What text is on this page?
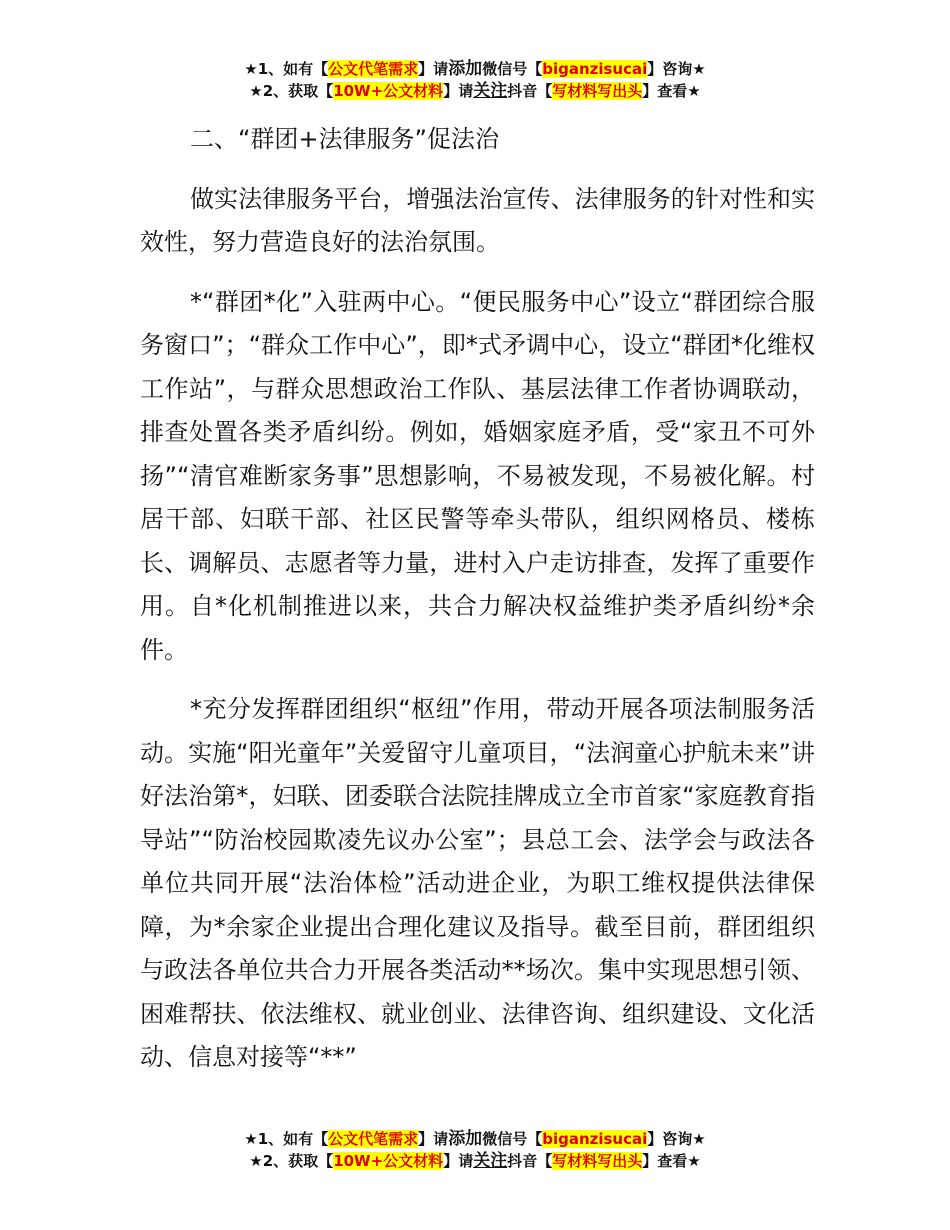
★1、如有【公文代笔需求】请添加微信号【biganzisucai】咨询★
★2、获取【10W+公文材料】请关注抖音【写材料写出头】查看★

二、“群团+法律服务”促法治

做实法律服务平台，增强法治宣传、法律服务的针对性和实效性，努力营造良好的法治氛围。

*“群团*化”入驻两中心。“便民服务中心”设立“群团综合服务窗口”；“群众工作中心”，即*式矛调中心，设立“群团*化维权工作站”，与群众思想政治工作队、基层法律工作者协调联动，排查处置各类矛盾纠纷。例如，婚姻家庭矛盾，受“家丑不可外扬”“清官难断家务事”思想影响，不易被发现，不易被化解。村居干部、妇联干部、社区民警等牵头带队，组织网格员、楼栋长、调解员、志愿者等力量，进村入户走访排查，发挥了重要作用。自*化机制推进以来，共合力解决权益维护类矛盾纠纷*余件。

*充分发挥群团组织“枢纽”作用，带动开展各项法制服务活动。实施“阳光童年”关爱留守儿童项目，“法润童心护航未来”讲好法治第*，妇联、团委联合法院挂牌成立全市首家“家庭教育指导站”“防治校园欺凌先议办公室”；县总工会、法学会与政法各单位共同开展“法治体检”活动进企业，为职工维权提供法律保障，为*余家企业提出合理化建议及指导。截至目前，群团组织与政法各单位共合力开展各类活动**场次。集中实现思想引领、困难帮扶、依法维权、就业创业、法律咨询、组织建设、文化活动、信息对接等“**”

★1、如有【公文代笔需求】请添加微信号【biganzisucai】咨询★
★2、获取【10W+公文材料】请关注抖音【写材料写出头】查看★
